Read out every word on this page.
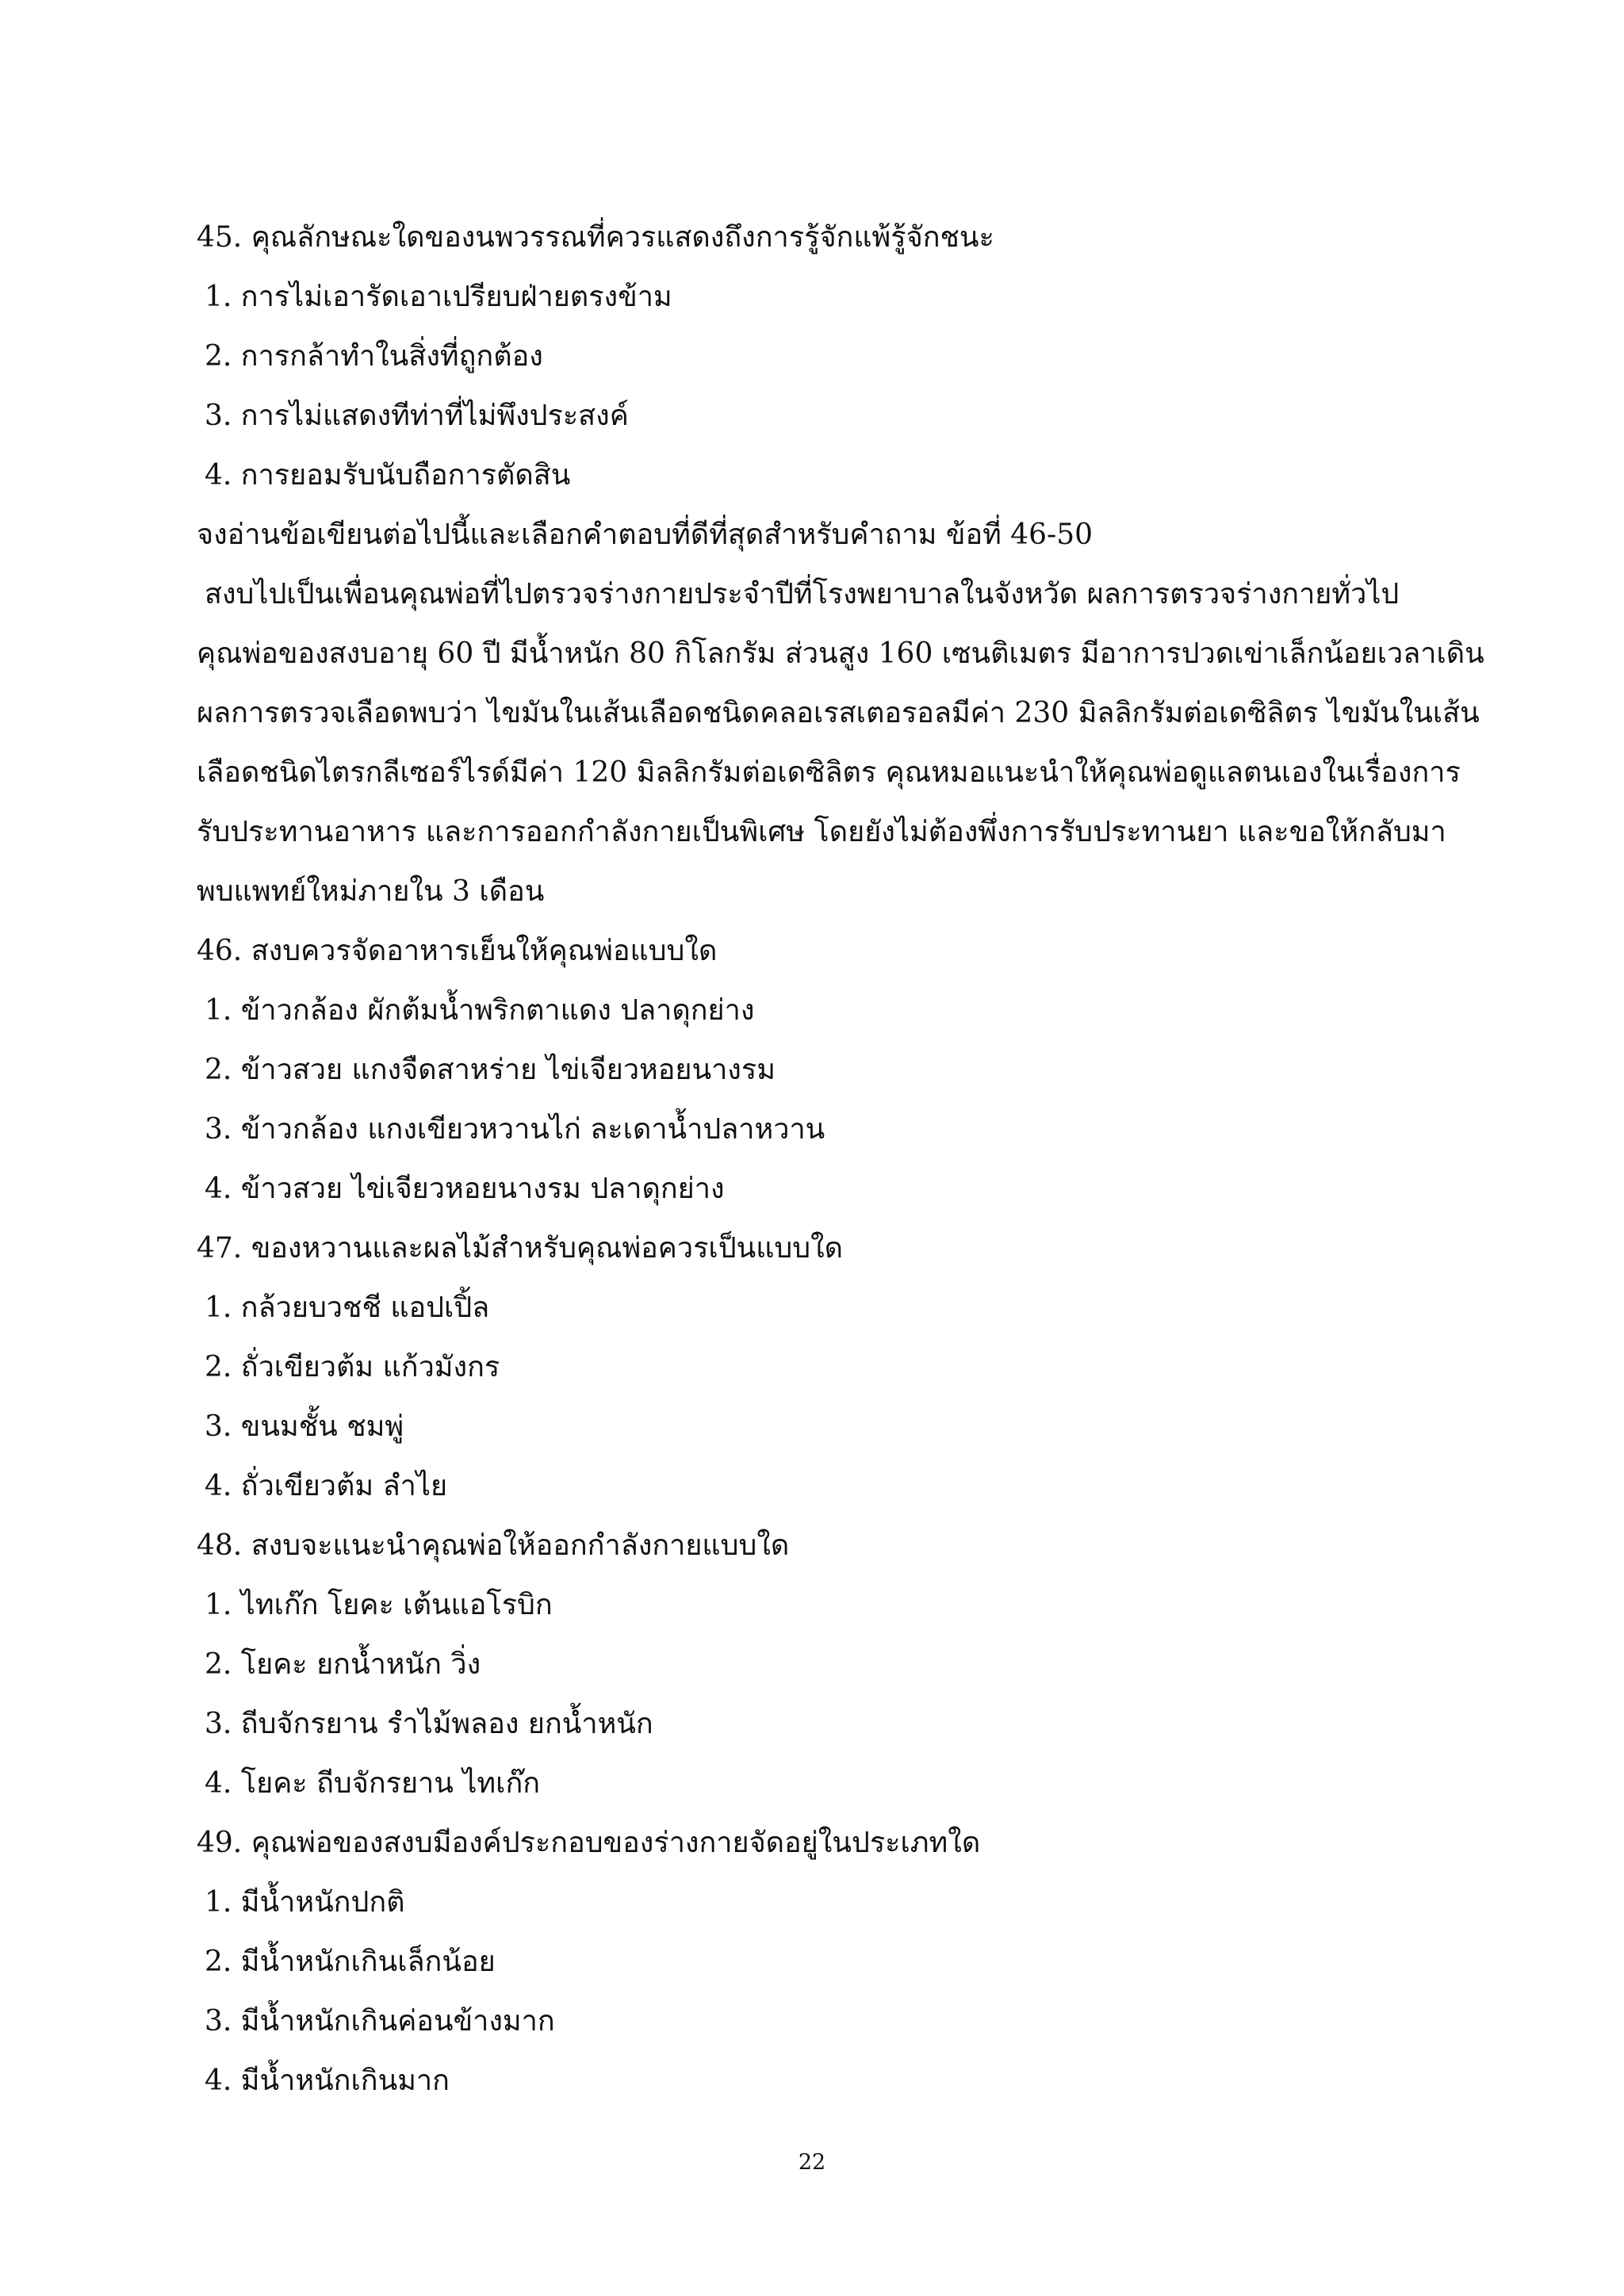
45. คุณลักษณะใดของนพวรรณที่ควรแสดงถึงการรู้จักแพ้รู้จักชนะ
1. การไม่เอารัดเอาเปรียบฝ่ายตรงข้าม
2. การกล้าทำในสิ่งที่ถูกต้อง
3. การไม่แสดงทีท่าที่ไม่พึงประสงค์
4. การยอมรับนับถือการตัดสิน
จงอ่านข้อเขียนต่อไปนี้และเลือกคำตอบที่ดีที่สุดสำหรับคำถาม ข้อที่ 46-50
สงบไปเป็นเพื่อนคุณพ่อที่ไปตรวจร่างกายประจำปีที่โรงพยาบาลในจังหวัด ผลการตรวจร่างกายทั่วไป
คุณพ่อของสงบอายุ 60 ปี มีน้ำหนัก 80 กิโลกรัม ส่วนสูง 160 เซนติเมตร มีอาการปวดเข่าเล็กน้อยเวลาเดิน
ผลการตรวจเลือดพบว่า ไขมันในเส้นเลือดชนิดคลอเรสเตอรอลมีค่า 230 มิลลิกรัมต่อเดซิลิตร ไขมันในเส้น
เลือดชนิดไตรกลีเซอร์ไรด์มีค่า 120 มิลลิกรัมต่อเดซิลิตร คุณหมอแนะนำให้คุณพ่อดูแลตนเองในเรื่องการ
รับประทานอาหาร และการออกกำลังกายเป็นพิเศษ โดยยังไม่ต้องพึ่งการรับประทานยา และขอให้กลับมา
พบแพทย์ใหม่ภายใน 3 เดือน
46. สงบควรจัดอาหารเย็นให้คุณพ่อแบบใด
1. ข้าวกล้อง ผักต้มน้ำพริกตาแดง ปลาดุกย่าง
2. ข้าวสวย แกงจืดสาหร่าย ไข่เจียวหอยนางรม
3. ข้าวกล้อง แกงเขียวหวานไก่ ละเดาน้ำปลาหวาน
4. ข้าวสวย ไข่เจียวหอยนางรม ปลาดุกย่าง
47. ของหวานและผลไม้สำหรับคุณพ่อควรเป็นแบบใด
1. กล้วยบวชชี แอปเปิ้ล
2. ถั่วเขียวต้ม แก้วมังกร
3. ขนมชั้น ชมพู่
4. ถั่วเขียวต้ม ลำไย
48. สงบจะแนะนำคุณพ่อให้ออกกำลังกายแบบใด
1. ไทเก๊ก โยคะ เต้นแอโรบิก
2. โยคะ ยกน้ำหนัก วิ่ง
3. ถีบจักรยาน รำไม้พลอง ยกน้ำหนัก
4. โยคะ ถีบจักรยาน ไทเก๊ก
49. คุณพ่อของสงบมีองค์ประกอบของร่างกายจัดอยู่ในประเภทใด
1. มีน้ำหนักปกติ
2. มีน้ำหนักเกินเล็กน้อย
3. มีน้ำหนักเกินค่อนข้างมาก
4. มีน้ำหนักเกินมาก
22
